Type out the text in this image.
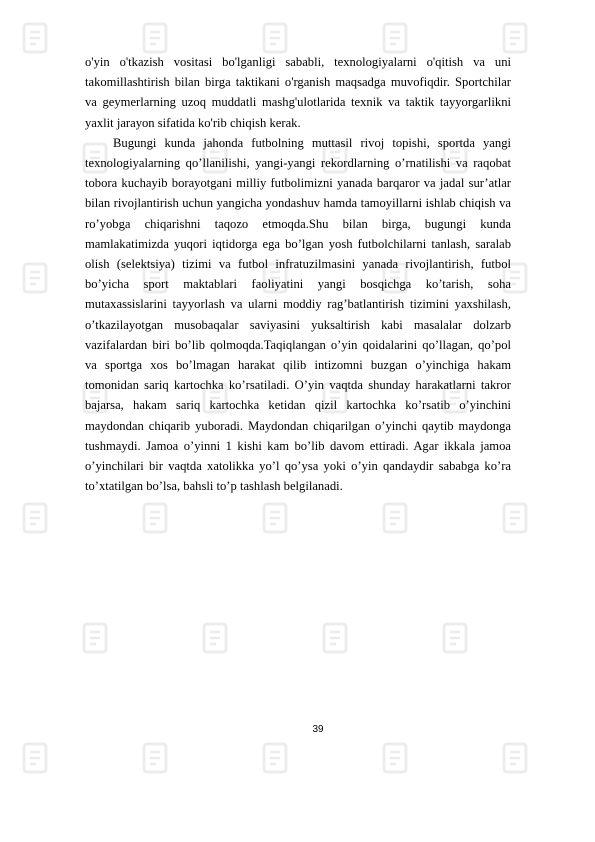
o'yin o'tkazish vositasi bo'lganligi sababli, texnologiyalarni o'qitish va uni takomillashtirish bilan birga taktikani o'rganish maqsadga muvofiqdir. Sportchilar va geymerlarning uzoq muddatli mashg'ulotlarida texnik va taktik tayyorgarlikni yaxlit jarayon sifatida ko'rib chiqish kerak.

Bugungi kunda jahonda futbolning muttasil rivoj topishi, sportda yangi texnologiyalarning qo’llanilishi, yangi-yangi rekordlarning o’rnatilishi va raqobat tobora kuchayib borayotgani milliy futbolimizni yanada barqaror va jadal sur’atlar bilan rivojlantirish uchun yangicha yondashuv hamda tamoyillarni ishlab chiqish va ro’yobga chiqarishni taqozo etmoqda.Shu bilan birga, bugungi kunda mamlakatimizda yuqori iqtidorga ega bo’lgan yosh futbolchilarni tanlash, saralab olish (selektsiya) tizimi va futbol infratuzilmasini yanada rivojlantirish, futbol bo’yicha sport maktablari faoliyatini yangi bosqichga ko’tarish, soha mutaxassislarini tayyorlash va ularni moddiy rag’batlantirish tizimini yaxshilash, o’tkazilayotgan musobaqalar saviyasini yuksaltirish kabi masalalar dolzarb vazifalardan biri bo’lib qolmoqda.Taqiqlangan o’yin qoidalarini qo’llagan, qo’pol va sportga xos bo’lmagan harakat qilib intizomni buzgan o’yinchiga hakam tomonidan sariq kartochka ko’rsatiladi. O’yin vaqtda shunday harakatlarni takror bajarsa, hakam sariq kartochka ketidan qizil kartochka ko’rsatib o’yinchini maydondan chiqarib yuboradi. Maydondan chiqarilgan o’yinchi qaytib maydonga tushmaydi. Jamoa o’yinni 1 kishi kam bo’lib davom ettiradi. Agar ikkala jamoa o’yinchilari bir vaqtda xatolikka yo’l qo’ysa yoki o’yin qandaydir sababga ko’ra to’xtatilgan bo’lsa, bahsli to’p tashlash belgilanadi.

39
